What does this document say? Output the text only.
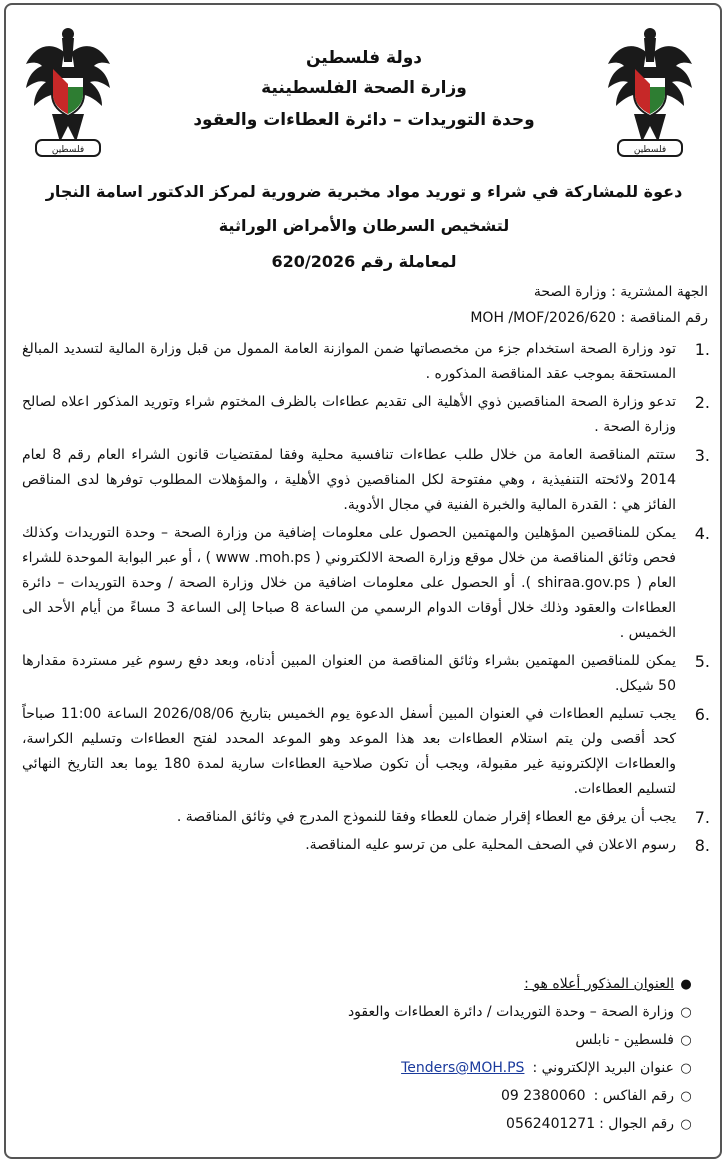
فلسطين	فلسطين
دولة فلسطين
وزارة الصحة الفلسطينية
وحدة التوريدات – دائرة العطاءات والعقود
دعوة للمشاركة في شراء و توريد مواد مخبرية ضرورية لمركز الدكتور اسامة النجار
لتشخيص السرطان والأمراض الوراثية
لمعاملة رقم 620/2026
الجهة المشترية : وزارة الصحة
رقم المناقصة : MOH /MOF/2026/620
1.
تود وزارة الصحة استخدام جزء من مخصصاتها ضمن الموازنة العامة الممول من قبل وزارة المالية لتسديد المبالغ المستحقة بموجب عقد المناقصة المذكوره .
2.
تدعو وزارة الصحة المناقصين ذوي الأهلية الى تقديم عطاءات بالظرف المختوم شراء وتوريد المذكور اعلاه لصالح وزارة الصحة .
3.
ستتم المناقصة العامة من خلال طلب عطاءات تنافسية محلية وفقا لمقتضيات قانون الشراء العام رقم 8 لعام 2014 ولائحته التنفيذية ، وهي مفتوحة لكل المناقصين ذوي الأهلية ، والمؤهلات المطلوب توفرها لدى المناقص الفائز هي : القدرة المالية والخبرة الفنية في مجال الأدوية.
4.
يمكن للمناقصين المؤهلين والمهتمين الحصول على معلومات إضافية من وزارة الصحة – وحدة التوريدات وكذلك فحص وثائق المناقصة من خلال موقع وزارة الصحة الالكتروني ( www .moh.ps ) ، أو عبر البوابة الموحدة للشراء العام ( shiraa.gov.ps ). أو الحصول على معلومات اضافية من خلال وزارة الصحة / وحدة التوريدات – دائرة العطاءات والعقود وذلك خلال أوقات الدوام الرسمي من الساعة 8 صباحا إلى الساعة 3 مساءً من أيام الأحد الى الخميس .
5.
يمكن للمناقصين المهتمين بشراء وثائق المناقصة من العنوان المبين أدناه، وبعد دفع رسوم غير مستردة مقدارها 50 شيكل.
6.
يجب تسليم العطاءات في العنوان المبين أسفل الدعوة يوم الخميس بتاريخ 2026/08/06 الساعة 11:00 صباحاً كحد أقصى ولن يتم استلام العطاءات بعد هذا الموعد وهو الموعد المحدد لفتح العطاءات وتسليم الكراسة، والعطاءات الإلكترونية غير مقبولة، ويجب أن تكون صلاحية العطاءات سارية لمدة 180 يوما بعد التاريخ النهائي لتسليم العطاءات.
7.
يجب أن يرفق مع العطاء إقرار ضمان للعطاء وفقا للنموذج المدرج في وثائق المناقصة .
8.
رسوم الاعلان في الصحف المحلية على من ترسو عليه المناقصة.
●
العنوان المذكور أعلاه هو :
○
وزارة الصحة – وحدة التوريدات / دائرة العطاءات والعقود
○
فلسطين - نابلس
○
عنوان البريد الإلكتروني :
Tenders@MOH.PS
○
رقم الفاكس :
09 2380060
○
رقم الجوال :
0562401271
